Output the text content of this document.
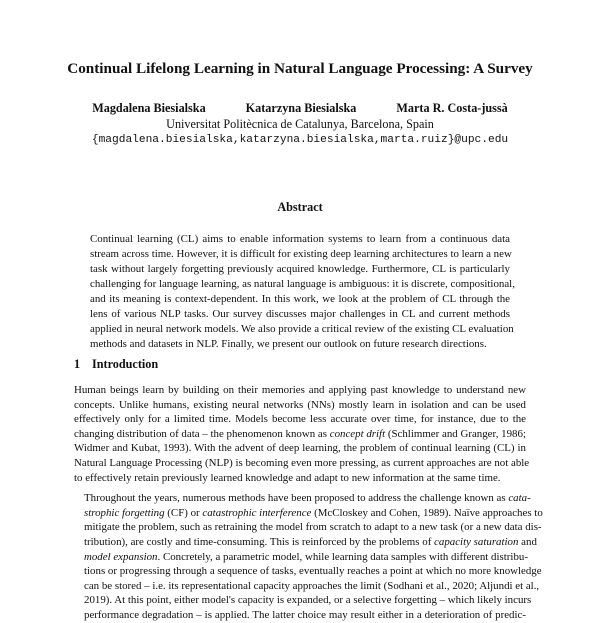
Continual Lifelong Learning in Natural Language Processing: A Survey
Magdalena Biesialska	Katarzyna Biesialska	Marta R. Costa-jussà
Universitat Politècnica de Catalunya, Barcelona, Spain
{magdalena.biesialska,katarzyna.biesialska,marta.ruiz}@upc.edu
Abstract
Continual learning (CL) aims to enable information systems to learn from a continuous data
stream across time. However, it is difficult for existing deep learning architectures to learn a new
task without largely forgetting previously acquired knowledge. Furthermore, CL is particularly
challenging for language learning, as natural language is ambiguous: it is discrete, compositional,
and its meaning is context-dependent. In this work, we look at the problem of CL through the
lens of various NLP tasks. Our survey discusses major challenges in CL and current methods
applied in neural network models. We also provide a critical review of the existing CL evaluation
methods and datasets in NLP. Finally, we present our outlook on future research directions.
1 Introduction

Human beings learn by building on their memories and applying past knowledge to understand new
concepts. Unlike humans, existing neural networks (NNs) mostly learn in isolation and can be used
effectively only for a limited time. Models become less accurate over time, for instance, due to the
changing distribution of data – the phenomenon known as concept drift (Schlimmer and Granger, 1986;
Widmer and Kubat, 1993). With the advent of deep learning, the problem of continual learning (CL) in
Natural Language Processing (NLP) is becoming even more pressing, as current approaches are not able
to effectively retain previously learned knowledge and adapt to new information at the same time.

Throughout the years, numerous methods have been proposed to address the challenge known as cata-
strophic forgetting (CF) or catastrophic interference (McCloskey and Cohen, 1989). Naïve approaches to
mitigate the problem, such as retraining the model from scratch to adapt to a new task (or a new data dis-
tribution), are costly and time-consuming. This is reinforced by the problems of capacity saturation and
model expansion. Concretely, a parametric model, while learning data samples with different distribu-
tions or progressing through a sequence of tasks, eventually reaches a point at which no more knowledge
can be stored – i.e. its representational capacity approaches the limit (Sodhani et al., 2020; Aljundi et al.,
2019). At this point, either model's capacity is expanded, or a selective forgetting – which likely incurs
performance degradation – is applied. The latter choice may result either in a deterioration of predic-
